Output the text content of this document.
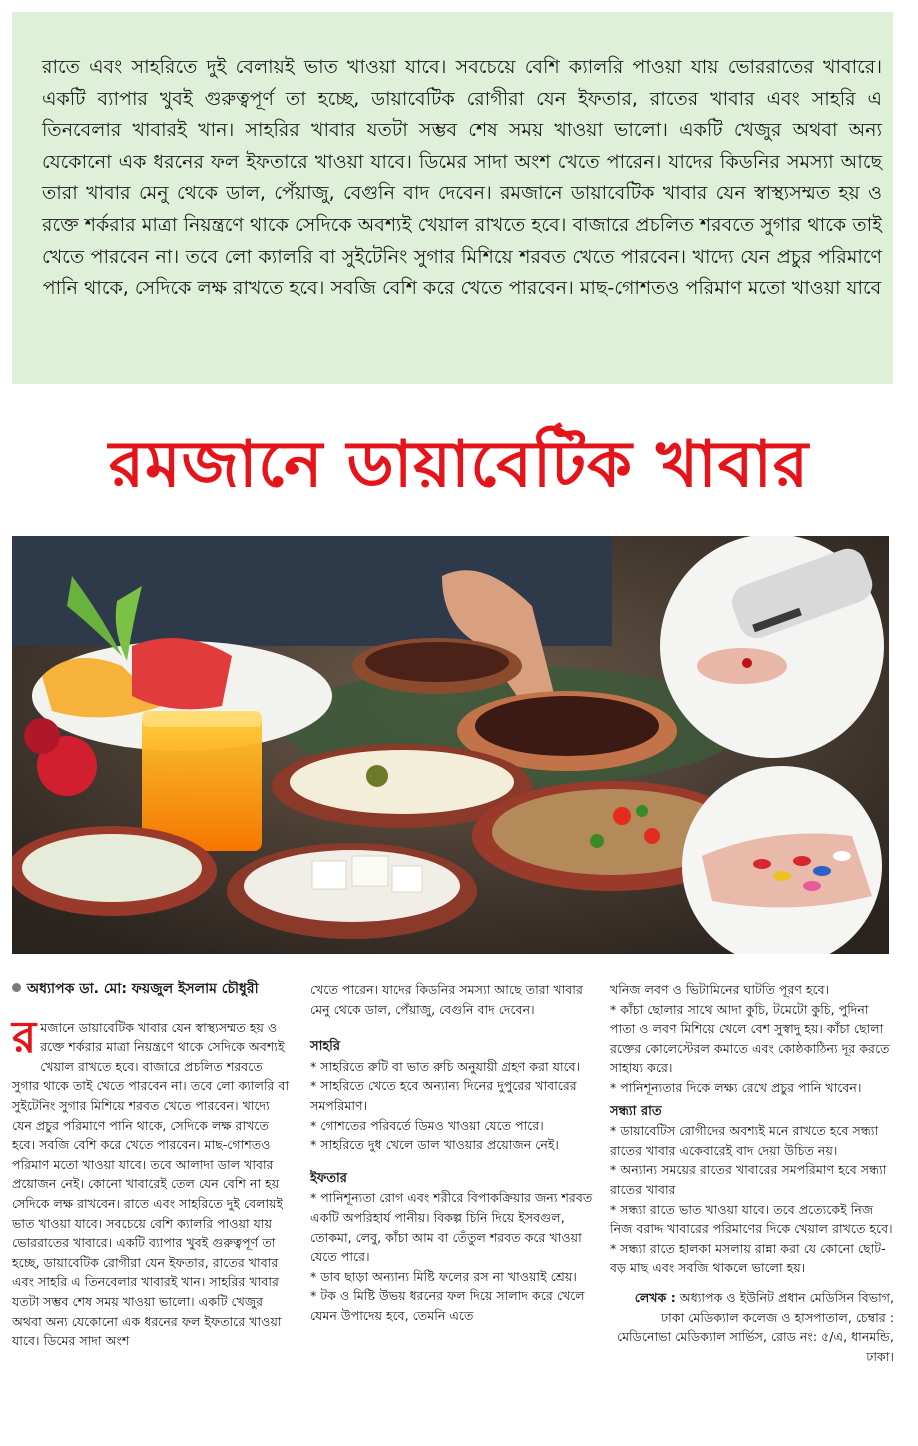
রাতে এবং সাহরিতে দুই বেলায়ই ভাত খাওয়া যাবে। সবচেয়ে বেশি ক্যালরি পাওয়া যায় ভোররাতের খাবারে। একটি ব্যাপার খুবই গুরুত্বপূর্ণ তা হচ্ছে, ডায়াবেটিক রোগীরা যেন ইফতার, রাতের খাবার এবং সাহরি এ তিনবেলার খাবারই খান। সাহরির খাবার যতটা সম্ভব শেষ সময় খাওয়া ভালো। একটি খেজুর অথবা অন্য যেকোনো এক ধরনের ফল ইফতারে খাওয়া যাবে। ডিমের সাদা অংশ খেতে পারেন। যাদের কিডনির সমস্যা আছে তারা খাবার মেনু থেকে ডাল, পেঁয়াজু, বেগুনি বাদ দেবেন। রমজানে ডায়াবেটিক খাবার যেন স্বাস্থ্যসম্মত হয় ও রক্তে শর্করার মাত্রা নিয়ন্ত্রণে থাকে সেদিকে অবশ্যই খেয়াল রাখতে হবে। বাজারে প্রচলিত শরবতে সুগার থাকে তাই খেতে পারবেন না। তবে লো ক্যালরি বা সুইটেনিং সুগার মিশিয়ে শরবত খেতে পারবেন। খাদ্যে যেন প্রচুর পরিমাণে পানি থাকে, সেদিকে লক্ষ রাখতে হবে। সবজি বেশি করে খেতে পারবেন। মাছ-গোশতও পরিমাণ মতো খাওয়া যাবে

রমজানে ডায়াবেটিক খাবার
অধ্যাপক ডা. মো: ফয়জুল ইসলাম চৌধুরী
র মজানে ডায়াবেটিক খাবার যেন স্বাস্থ্যসম্মত হয় ও রক্তে শর্করার মাত্রা নিয়ন্ত্রণে থাকে সেদিকে অবশ্যই খেয়াল রাখতে হবে। বাজারে প্রচলিত শরবতে সুগার থাকে তাই খেতে পারবেন না। তবে লো ক্যালরি বা সুইটেনিং সুগার মিশিয়ে শরবত খেতে পারবেন। খাদ্যে যেন প্রচুর পরিমাণে পানি থাকে, সেদিকে লক্ষ রাখতে হবে। সবজি বেশি করে খেতে পারবেন। মাছ-গোশতও পরিমাণ মতো খাওয়া যাবে। তবে আলাদা ডাল খাবার প্রয়োজন নেই। কোনো খাবারেই তেল যেন বেশি না হয় সেদিকে লক্ষ রাখবেন। রাতে এবং সাহরিতে দুই বেলায়ই ভাত খাওয়া যাবে। সবচেয়ে বেশি ক্যালরি পাওয়া যায় ভোররাতের খাবারে। একটি ব্যাপার খুবই গুরুত্বপূর্ণ তা হচ্ছে, ডায়াবেটিক রোগীরা যেন ইফতার, রাতের খাবার এবং সাহরি এ তিনবেলার খাবারই খান। সাহরির খাবার যতটা সম্ভব শেষ সময় খাওয়া ভালো। একটি খেজুর অথবা অন্য যেকোনো এক ধরনের ফল ইফতারে খাওয়া যাবে। ডিমের সাদা অংশ

খেতে পারেন। যাদের কিডনির সমস্যা আছে তারা খাবার মেনু থেকে ডাল, পেঁয়াজু, বেগুনি বাদ দেবেন।

সাহরি

* সাহরিতে রুটি বা ভাত রুচি অনুযায়ী গ্রহণ করা যাবে।

* সাহরিতে খেতে হবে অন্যান্য দিনের দুপুরের খাবারের সমপরিমাণ।

* গোশতের পরিবর্তে ডিমও খাওয়া যেতে পারে।

* সাহরিতে দুধ খেলে ডাল খাওয়ার প্রয়োজন নেই।

ইফতার

* পানিশূন্যতা রোগ এবং শরীরে বিপাকক্রিয়ার জন্য শরবত একটি অপরিহার্য পানীয়। বিকল্প চিনি দিয়ে ইসবগুল, তোকমা, লেবু, কাঁচা আম বা তেঁতুল শরবত করে খাওয়া যেতে পারে।

* ডাব ছাড়া অন্যান্য মিষ্টি ফলের রস না খাওয়াই শ্রেয়।

* টক ও মিষ্টি উভয় ধরনের ফল দিয়ে সালাদ করে খেলে যেমন উপাদেয় হবে, তেমনি এতে

খনিজ লবণ ও ভিটামিনের ঘাটতি পূরণ হবে।

* কাঁচা ছোলার সাথে আদা কুচি, টমেটো কুচি, পুদিনা পাতা ও লবণ মিশিয়ে খেলে বেশ সুস্বাদু হয়। কাঁচা ছোলা রক্তের কোলেস্টেরল কমাতে এবং কোষ্ঠকাঠিন্য দূর করতে সাহায্য করে।

* পানিশূন্যতার দিকে লক্ষ্য রেখে প্রচুর পানি খাবেন।

সন্ধ্যা রাত

* ডায়াবেটিস রোগীদের অবশ্যই মনে রাখতে হবে সন্ধ্যা রাতের খাবার একেবারেই বাদ দেয়া উচিত নয়।

* অন্যান্য সময়ের রাতের খাবারের সমপরিমাণ হবে সন্ধ্যা রাতের খাবার

* সন্ধ্যা রাতে ভাত খাওয়া যাবে। তবে প্রত্যেকেই নিজ নিজ বরাদ্দ খাবারের পরিমাণের দিকে খেয়াল রাখতে হবে।

* সন্ধ্যা রাতে হালকা মসলায় রান্না করা যে কোনো ছোট-বড় মাছ এবং সবজি থাকলে ভালো হয়।

লেখক : অধ্যাপক ও ইউনিট প্রধান মেডিসিন বিভাগ, ঢাকা মেডিক্যাল কলেজ ও হাসপাতাল, চেম্বার : মেডিনোভা মেডিক্যাল সার্ভিস, রোড নং: ৫/এ, ধানমন্ডি, ঢাকা।
